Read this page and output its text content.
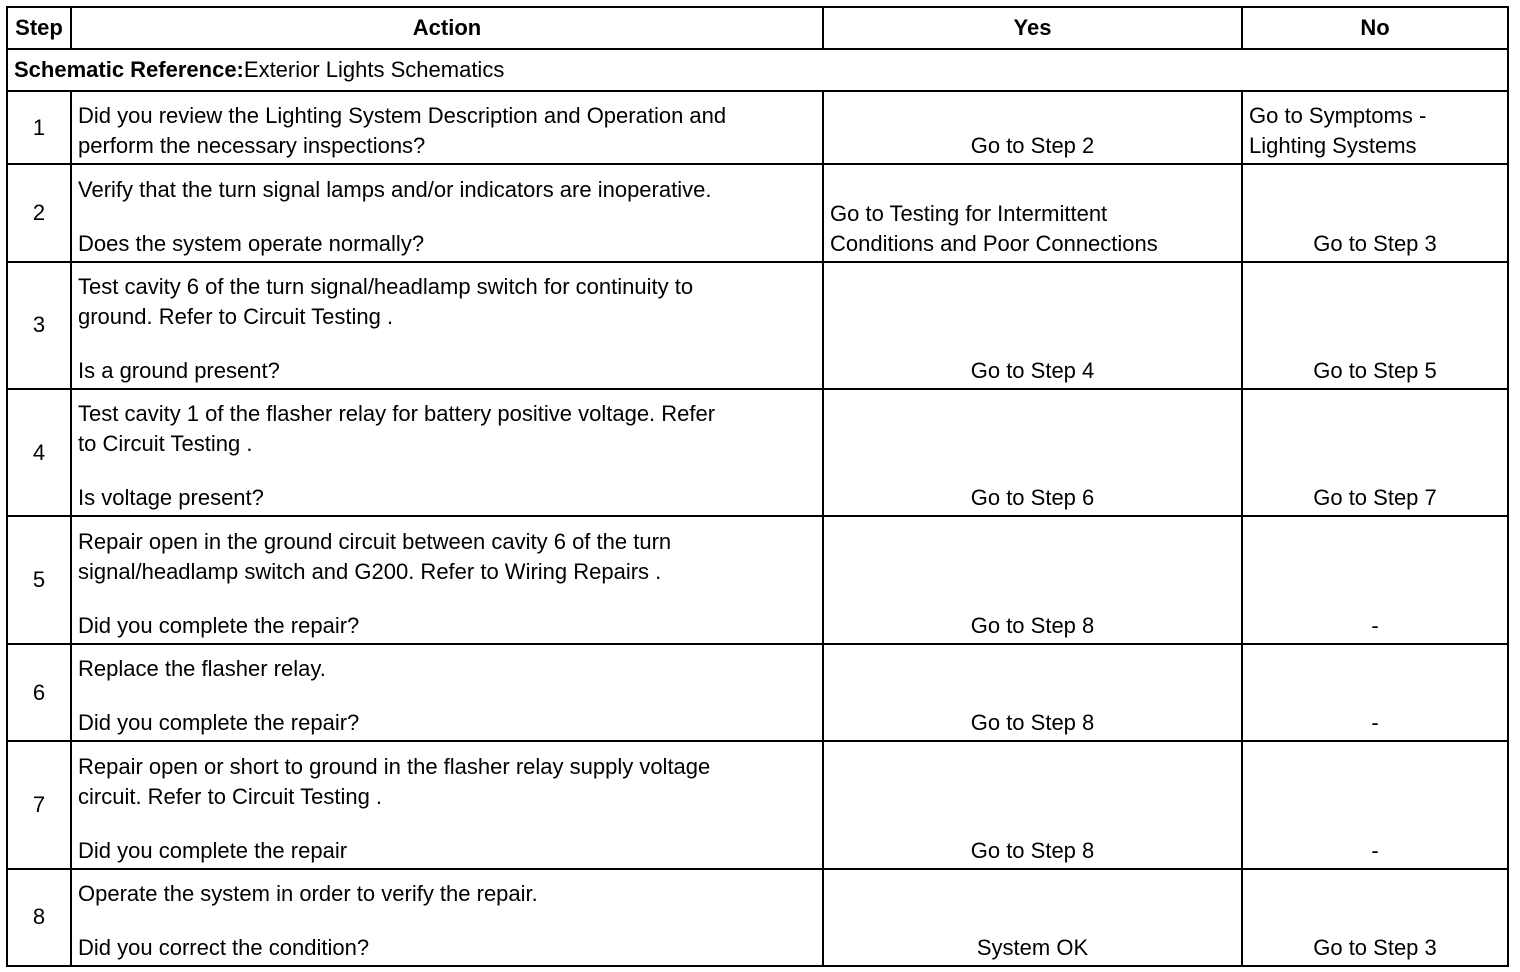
Step	Action	Yes	No
Schematic Reference:Exterior Lights Schematics			
1	Did you review the Lighting System Description and Operation and
perform the necessary inspections?	Go to Step 2	Go to Symptoms -
Lighting Systems

2	Verify that the turn signal lamps and/or indicators are inoperative.
Does the system operate normally?	Go to Testing for Intermittent
Conditions and Poor Connections	Go to Step 3

3	Test cavity 6 of the turn signal/headlamp switch for continuity to
ground. Refer to Circuit Testing .
Is a ground present?	Go to Step 4	Go to Step 5

4	Test cavity 1 of the flasher relay for battery positive voltage. Refer
to Circuit Testing .
Is voltage present?	Go to Step 6	Go to Step 7

5	Repair open in the ground circuit between cavity 6 of the turn
signal/headlamp switch and G200. Refer to Wiring Repairs .
Did you complete the repair?	Go to Step 8	-

6	Replace the flasher relay.
Did you complete the repair?	Go to Step 8	-

7	Repair open or short to ground in the flasher relay supply voltage
circuit. Refer to Circuit Testing .
Did you complete the repair	Go to Step 8	-

8	Operate the system in order to verify the repair.
Did you correct the condition?	System OK	Go to Step 3
